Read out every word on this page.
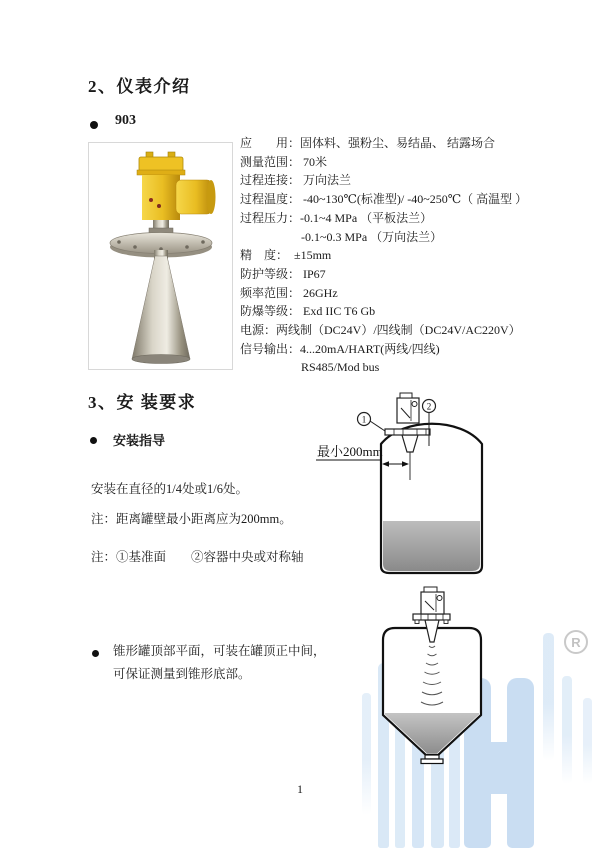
2、仪表介绍
903
应　　用：固体料、强粉尘、易结晶、 结露场合
测量范围： 70米
过程连接： 万向法兰
过程温度： -40~130℃(标准型)/ -40~250℃（ 高温型 ）
过程压力：-0.1~4 MPa （平板法兰）
-0.1~0.3 MPa （万向法兰）
精　度：　±15mm
防护等级： IP67
频率范围： 26GHz
防爆等级： Exd IIC T6 Gb
电源：两线制（DC24V）/四线制（DC24V/AC220V）
信号输出：4...20mA/HART(两线/四线)
RS485/Mod bus
3、安 装要求
安装指导
安装在直径的1/4处或1/6处。
注：距离罐壁最小距离应为200mm。
注：①基准面　　②容器中央或对称轴
锥形罐顶部平面，可装在罐顶正中间，
可保证测量到锥形底部。
1
2
最小200mm
R
1
